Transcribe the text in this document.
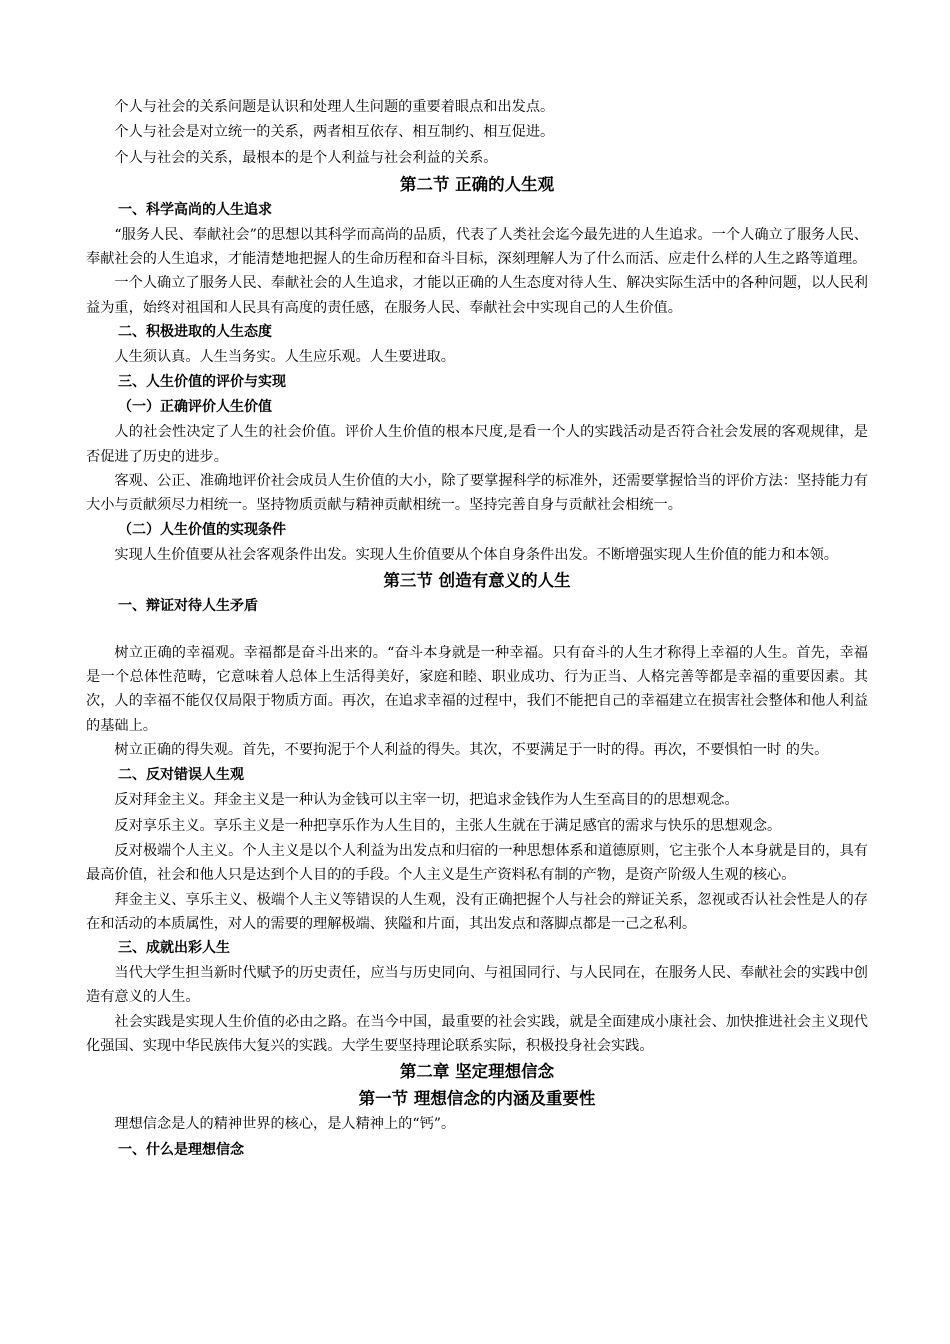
个人与社会的关系问题是认识和处理人生问题的重要着眼点和出发点。

个人与社会是对立统一的关系，两者相互依存、相互制约、相互促进。

个人与社会的关系，最根本的是个人利益与社会利益的关系。

第二节 正确的人生观
一、科学高尚的人生追求

“服务人民、奉献社会”的思想以其科学而高尚的品质，代表了人类社会迄今最先进的人生追求。一个人确立了服务人民、奉献社会的人生追求，才能清楚地把握人的生命历程和奋斗目标，深刻理解人为了什么而活、应走什么样的人生之路等道理。

一个人确立了服务人民、奉献社会的人生追求，才能以正确的人生态度对待人生、解决实际生活中的各种问题，以人民利益为重，始终对祖国和人民具有高度的责任感，在服务人民、奉献社会中实现自己的人生价值。

二、积极进取的人生态度

人生须认真。人生当务实。人生应乐观。人生要进取。

三、人生价值的评价与实现
（一）正确评价人生价值

人的社会性决定了人生的社会价值。评价人生价值的根本尺度,是看一个人的实践活动是否符合社会发展的客观规律，是否促进了历史的进步。

客观、公正、准确地评价社会成员人生价值的大小，除了要掌握科学的标准外，还需要掌握恰当的评价方法：坚持能力有大小与贡献须尽力相统一。坚持物质贡献与精神贡献相统一。坚持完善自身与贡献社会相统一。

（二）人生价值的实现条件

实现人生价值要从社会客观条件出发。实现人生价值要从个体自身条件出发。不断增强实现人生价值的能力和本领。

第三节 创造有意义的人生
一、辩证对待人生矛盾

树立正确的幸福观。幸福都是奋斗出来的。“奋斗本身就是一种幸福。只有奋斗的人生才称得上幸福的人生。首先，幸福是一个总体性范畴，它意味着人总体上生活得美好，家庭和睦、职业成功、行为正当、人格完善等都是幸福的重要因素。其次，人的幸福不能仅仅局限于物质方面。再次，在追求幸福的过程中，我们不能把自己的幸福建立在损害社会整体和他人利益的基础上。

树立正确的得失观。首先，不要拘泥于个人利益的得失。其次，不要满足于一时的得。再次，不要惧怕一时 的失。

二、反对错误人生观

反对拜金主义。拜金主义是一种认为金钱可以主宰一切，把追求金钱作为人生至高目的的思想观念。

反对享乐主义。享乐主义是一种把享乐作为人生目的，主张人生就在于满足感官的需求与快乐的思想观念。

反对极端个人主义。个人主义是以个人利益为出发点和归宿的一种思想体系和道德原则，它主张个人本身就是目的，具有最高价值，社会和他人只是达到个人目的的手段。个人主义是生产资料私有制的产物，是资产阶级人生观的核心。

拜金主义、享乐主义、极端个人主义等错误的人生观，没有正确把握个人与社会的辩证关系，忽视或否认社会性是人的存在和活动的本质属性，对人的需要的理解极端、狭隘和片面，其出发点和落脚点都是一己之私利。

三、成就出彩人生

当代大学生担当新时代赋予的历史责任，应当与历史同向、与祖国同行、与人民同在，在服务人民、奉献社会的实践中创造有意义的人生。

社会实践是实现人生价值的必由之路。在当今中国，最重要的社会实践，就是全面建成小康社会、加快推进社会主义现代化强国、实现中华民族伟大复兴的实践。大学生要坚持理论联系实际，积极投身社会实践。

第二章 坚定理想信念
第一节 理想信念的内涵及重要性

理想信念是人的精神世界的核心，是人精神上的“钙”。

一、什么是理想信念
